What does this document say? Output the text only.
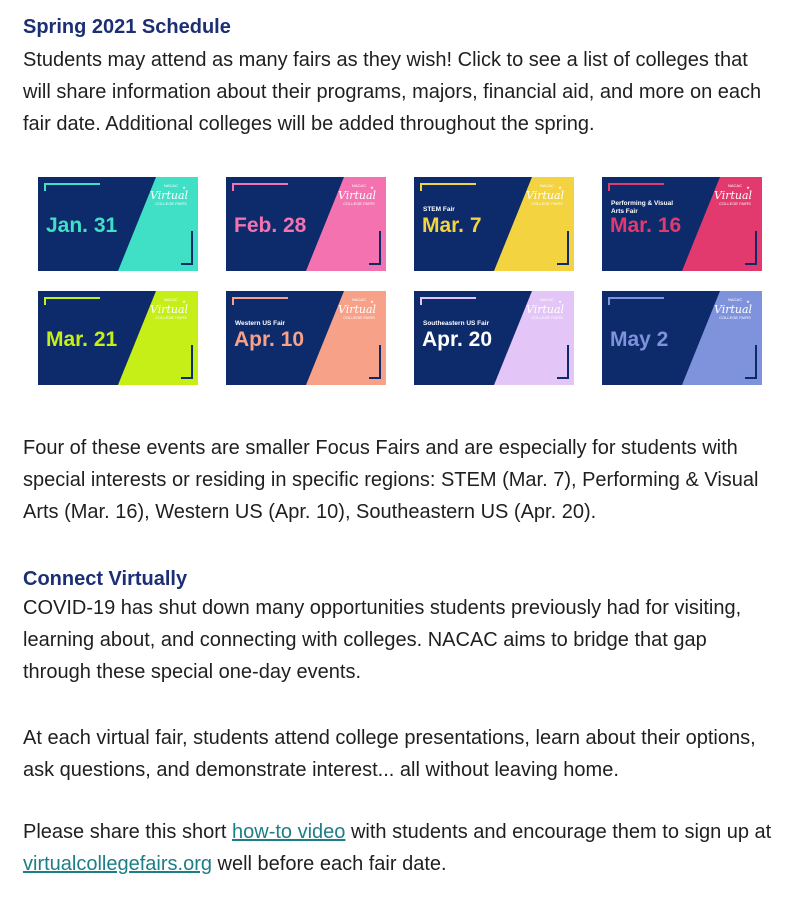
Spring 2021 Schedule

Students may attend as many fairs as they wish! Click to see a list of colleges that will share information about their programs, majors, financial aid, and more on each fair date. Additional colleges will be added throughout the spring.

NACAC
Virtual
COLLEGE FAIRS
★
Jan. 31
NACAC
Virtual
COLLEGE FAIRS
★
Feb. 28
NACAC
Virtual
COLLEGE FAIRS
★
STEM Fair
Mar. 7
NACAC
Virtual
COLLEGE FAIRS
★
Performing & Visual
Arts Fair
Mar. 16
NACAC
Virtual
COLLEGE FAIRS
★
Mar. 21
NACAC
Virtual
COLLEGE FAIRS
★
Western US Fair
Apr. 10
NACAC
Virtual
COLLEGE FAIRS
★
Southeastern US Fair
Apr. 20
NACAC
Virtual
COLLEGE FAIRS
★
May 2

Four of these events are smaller Focus Fairs and are especially for students with special interests or residing in specific regions: STEM (Mar. 7), Performing & Visual Arts (Mar. 16), Western US (Apr. 10), Southeastern US (Apr. 20).

Connect Virtually

COVID-19 has shut down many opportunities students previously had for visiting, learning about, and connecting with colleges. NACAC aims to bridge that gap through these special one-day events.

At each virtual fair, students attend college presentations, learn about their options, ask questions, and demonstrate interest... all without leaving home.

Please share this short how-to video with students and encourage them to sign up at virtualcollegefairs.org well before each fair date.
